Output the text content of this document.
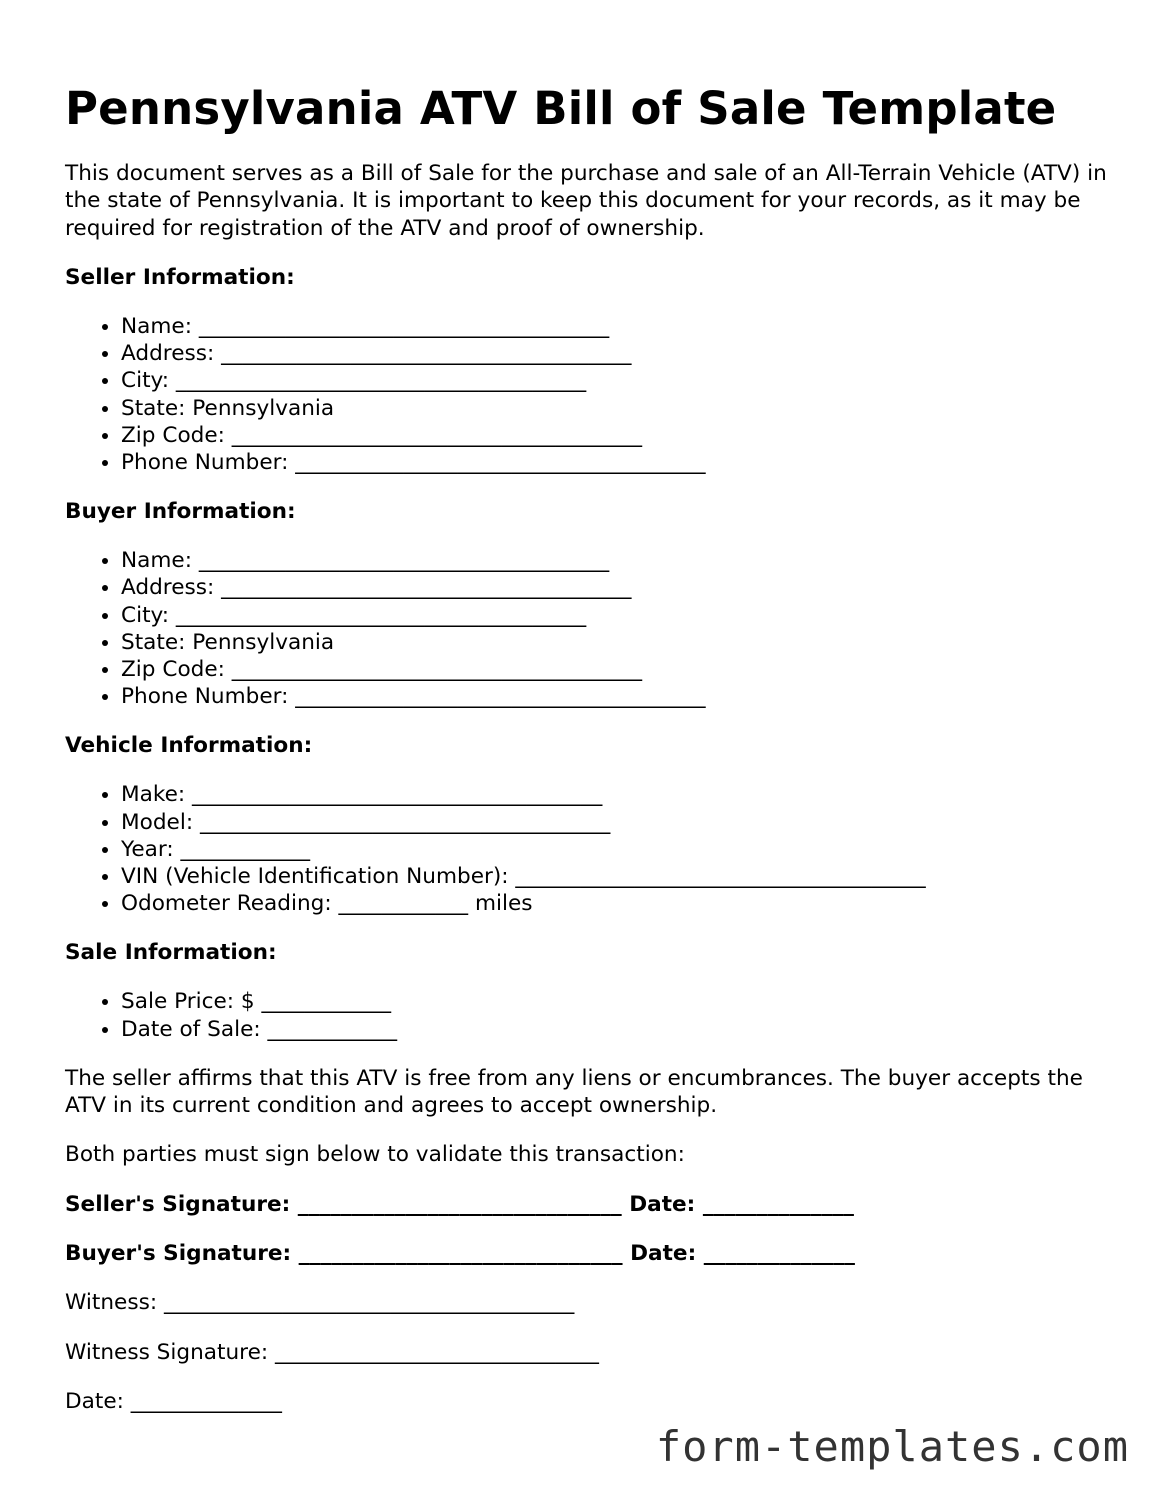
Pennsylvania ATV Bill of Sale Template

This document serves as a Bill of Sale for the purchase and sale of an All-Terrain Vehicle (ATV) in the state of Pennsylvania. It is important to keep this document for your records, as it may be required for registration of the ATV and proof of ownership.

Seller Information:
• Name: ______________________________________
• Address: ______________________________________
• City: ______________________________________
• State: Pennsylvania
• Zip Code: ______________________________________
• Phone Number: ______________________________________
Buyer Information:
• Name: ______________________________________
• Address: ______________________________________
• City: ______________________________________
• State: Pennsylvania
• Zip Code: ______________________________________
• Phone Number: ______________________________________
Vehicle Information:
• Make: ______________________________________
• Model: ______________________________________
• Year: ____________
• VIN (Vehicle Identification Number): ______________________________________
• Odometer Reading: ____________ miles
Sale Information:
• Sale Price: $ ____________
• Date of Sale: ____________

The seller affirms that this ATV is free from any liens or encumbrances. The buyer accepts the ATV in its current condition and agrees to accept ownership.

Both parties must sign below to validate this transaction:

Seller's Signature: ______________________________ Date: ______________
Buyer's Signature: ______________________________ Date: ______________
Witness: ______________________________________
Witness Signature: ______________________________
Date: ______________
form-templates.com
